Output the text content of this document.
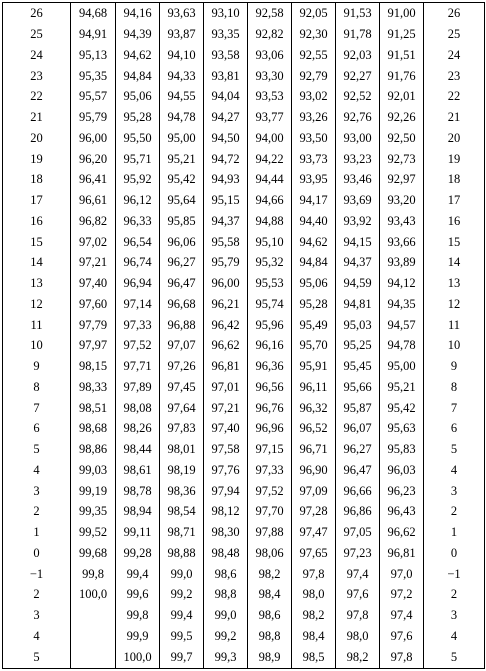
26	94,68	94,16	93,63	93,10	92,58	92,05	91,53	91,00	26
25	94,91	94,39	93,87	93,35	92,82	92,30	91,78	91,25	25
24	95,13	94,62	94,10	93,58	93,06	92,55	92,03	91,51	24
23	95,35	94,84	94,33	93,81	93,30	92,79	92,27	91,76	23
22	95,57	95,06	94,55	94,04	93,53	93,02	92,52	92,01	22
21	95,79	95,28	94,78	94,27	93,77	93,26	92,76	92,26	21
20	96,00	95,50	95,00	94,50	94,00	93,50	93,00	92,50	20
19	96,20	95,71	95,21	94,72	94,22	93,73	93,23	92,73	19
18	96,41	95,92	95,42	94,93	94,44	93,95	93,46	92,97	18
17	96,61	96,12	95,64	95,15	94,66	94,17	93,69	93,20	17
16	96,82	96,33	95,85	94,37	94,88	94,40	93,92	93,43	16
15	97,02	96,54	96,06	95,58	95,10	94,62	94,15	93,66	15
14	97,21	96,74	96,27	95,79	95,32	94,84	94,37	93,89	14
13	97,40	96,94	96,47	96,00	95,53	95,06	94,59	94,12	13
12	97,60	97,14	96,68	96,21	95,74	95,28	94,81	94,35	12
11	97,79	97,33	96,88	96,42	95,96	95,49	95,03	94,57	11
10	97,97	97,52	97,07	96,62	96,16	95,70	95,25	94,78	10
9	98,15	97,71	97,26	96,81	96,36	95,91	95,45	95,00	9
8	98,33	97,89	97,45	97,01	96,56	96,11	95,66	95,21	8
7	98,51	98,08	97,64	97,21	96,76	96,32	95,87	95,42	7
6	98,68	98,26	97,83	97,40	96,96	96,52	96,07	95,63	6
5	98,86	98,44	98,01	97,58	97,15	96,71	96,27	95,83	5
4	99,03	98,61	98,19	97,76	97,33	96,90	96,47	96,03	4
3	99,19	98,78	98,36	97,94	97,52	97,09	96,66	96,23	3
2	99,35	98,94	98,54	98,12	97,70	97,28	96,86	96,43	2
1	99,52	99,11	98,71	98,30	97,88	97,47	97,05	96,62	1
0	99,68	99,28	98,88	98,48	98,06	97,65	97,23	96,81	0
−1	99,8	99,4	99,0	98,6	98,2	97,8	97,4	97,0	−1
2	100,0	99,6	99,2	98,8	98,4	98,0	97,6	97,2	2
3		99,8	99,4	99,0	98,6	98,2	97,8	97,4	3
4		99,9	99,5	99,2	98,8	98,4	98,0	97,6	4
5		100,0	99,7	99,3	98,9	98,5	98,2	97,8	5
